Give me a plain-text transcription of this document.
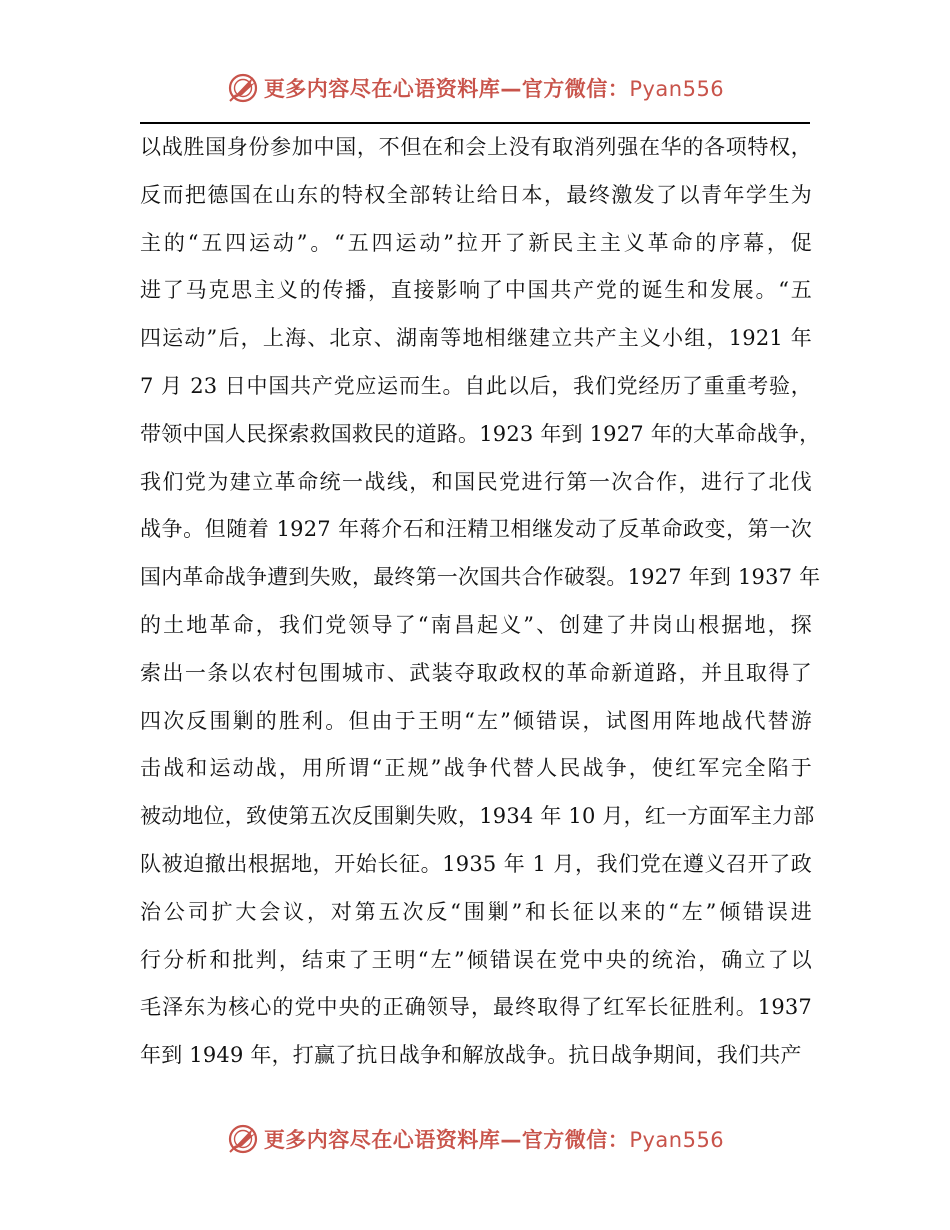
更多内容尽在心语资料库—官方微信：Pyan556
以战胜国身份参加中国，不但在和会上没有取消列强在华的各项特权，
反而把德国在山东的特权全部转让给日本，最终激发了以青年学生为
主的“五四运动”。“五四运动”拉开了新民主主义革命的序幕，促
进了马克思主义的传播，直接影响了中国共产党的诞生和发展。“五
四运动”后，上海、北京、湖南等地相继建立共产主义小组，1921 年
7 月 23 日中国共产党应运而生。自此以后，我们党经历了重重考验，
带领中国人民探索救国救民的道路。1923 年到 1927 年的大革命战争，
我们党为建立革命统一战线，和国民党进行第一次合作，进行了北伐
战争。但随着 1927 年蒋介石和汪精卫相继发动了反革命政变，第一次
国内革命战争遭到失败，最终第一次国共合作破裂。1927 年到 1937 年
的土地革命，我们党领导了“南昌起义”、创建了井岗山根据地，探
索出一条以农村包围城市、武装夺取政权的革命新道路，并且取得了
四次反围剿的胜利。但由于王明“左”倾错误，试图用阵地战代替游
击战和运动战，用所谓“正规”战争代替人民战争，使红军完全陷于
被动地位，致使第五次反围剿失败，1934 年 10 月，红一方面军主力部
队被迫撤出根据地，开始长征。1935 年 1 月，我们党在遵义召开了政
治公司扩大会议，对第五次反“围剿”和长征以来的“左”倾错误进
行分析和批判，结束了王明“左”倾错误在党中央的统治，确立了以
毛泽东为核心的党中央的正确领导，最终取得了红军长征胜利。1937
年到 1949 年，打赢了抗日战争和解放战争。抗日战争期间，我们共产
更多内容尽在心语资料库—官方微信：Pyan556
